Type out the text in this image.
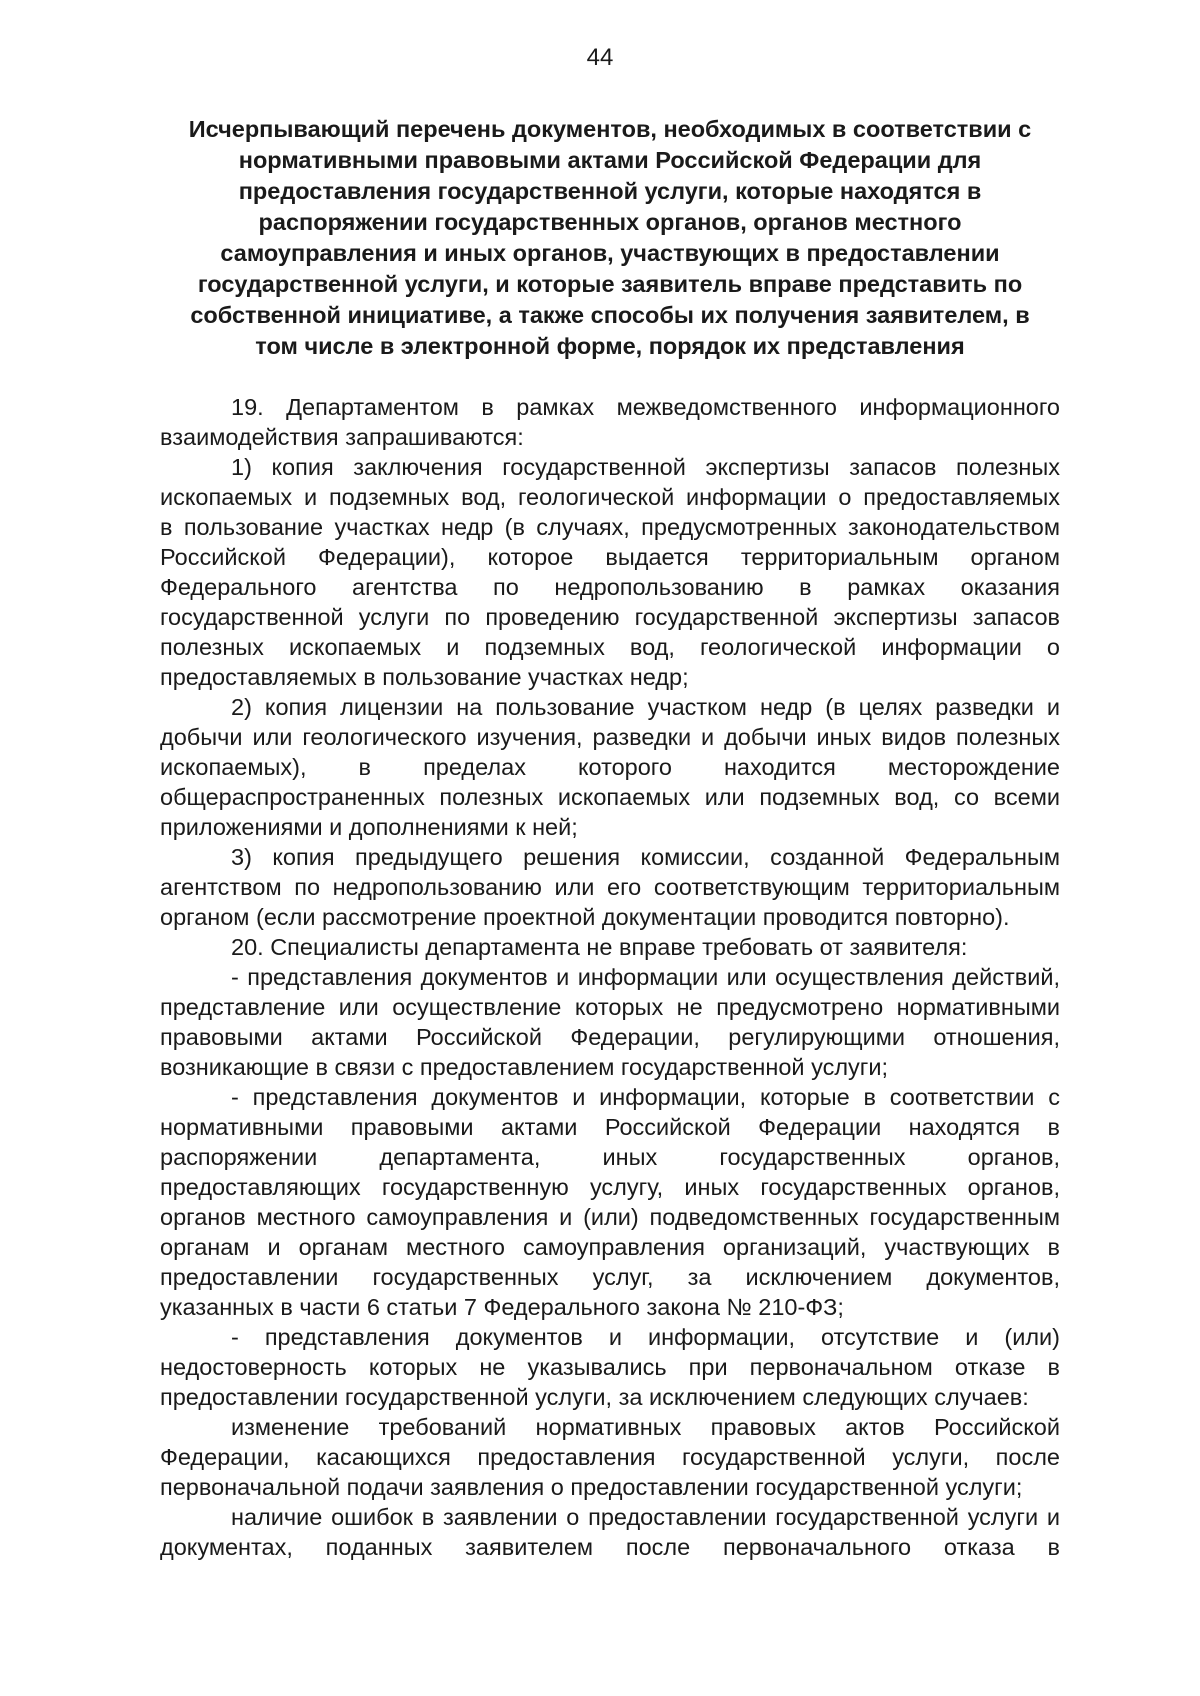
44
Исчерпывающий перечень документов, необходимых в соответствии с
нормативными правовыми актами Российской Федерации для
предоставления государственной услуги, которые находятся в
распоряжении государственных органов, органов местного
самоуправления и иных органов, участвующих в предоставлении
государственной услуги, и которые заявитель вправе представить по
собственной инициативе, а также способы их получения заявителем, в
том числе в электронной форме, порядок их представления
19. Департаментом в рамках межведомственного информационного
взаимодействия запрашиваются:
1) копия заключения государственной экспертизы запасов полезных
ископаемых и подземных вод, геологической информации о предоставляемых
в пользование участках недр (в случаях, предусмотренных законодательством
Российской Федерации), которое выдается территориальным органом
Федерального агентства по недропользованию в рамках оказания
государственной услуги по проведению государственной экспертизы запасов
полезных ископаемых и подземных вод, геологической информации о
предоставляемых в пользование участках недр;
2) копия лицензии на пользование участком недр (в целях разведки и
добычи или геологического изучения, разведки и добычи иных видов полезных
ископаемых), в пределах которого находится месторождение
общераспространенных полезных ископаемых или подземных вод, со всеми
приложениями и дополнениями к ней;
3) копия предыдущего решения комиссии, созданной Федеральным
агентством по недропользованию или его соответствующим территориальным
органом (если рассмотрение проектной документации проводится повторно).
20. Специалисты департамента не вправе требовать от заявителя:
- представления документов и информации или осуществления действий,
представление или осуществление которых не предусмотрено нормативными
правовыми актами Российской Федерации, регулирующими отношения,
возникающие в связи с предоставлением государственной услуги;
- представления документов и информации, которые в соответствии с
нормативными правовыми актами Российской Федерации находятся в
распоряжении департамента, иных государственных органов,
предоставляющих государственную услугу, иных государственных органов,
органов местного самоуправления и (или) подведомственных государственным
органам и органам местного самоуправления организаций, участвующих в
предоставлении государственных услуг, за исключением документов,
указанных в части 6 статьи 7 Федерального закона № 210-ФЗ;
- представления документов и информации, отсутствие и (или)
недостоверность которых не указывались при первоначальном отказе в
предоставлении государственной услуги, за исключением следующих случаев:
изменение требований нормативных правовых актов Российской
Федерации, касающихся предоставления государственной услуги, после
первоначальной подачи заявления о предоставлении государственной услуги;
наличие ошибок в заявлении о предоставлении государственной услуги и
документах, поданных заявителем после первоначального отказа в
